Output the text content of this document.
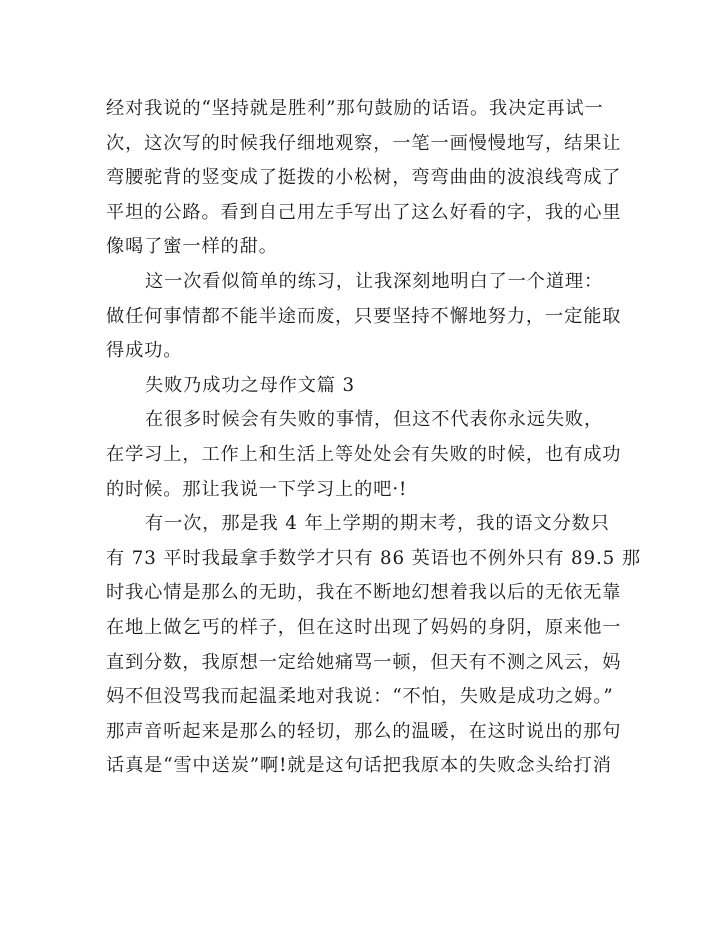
经对我说的“坚持就是胜利”那句鼓励的话语。我决定再试一
次，这次写的时候我仔细地观察，一笔一画慢慢地写，结果让
弯腰驼背的竖变成了挺拨的小松树，弯弯曲曲的波浪线弯成了
平坦的公路。看到自己用左手写出了这么好看的字，我的心里
像喝了蜜一样的甜。
这一次看似简单的练习，让我深刻地明白了一个道理：
做任何事情都不能半途而废，只要坚持不懈地努力，一定能取
得成功。
失败乃成功之母作文篇 3
在很多时候会有失败的事情，但这不代表你永远失败，
在学习上，工作上和生活上等处处会有失败的时候，也有成功
的时候。那让我说一下学习上的吧·!
有一次，那是我 4 年上学期的期末考，我的语文分数只
有 73 平时我最拿手数学才只有 86 英语也不例外只有 89.5 那
时我心情是那么的无助，我在不断地幻想着我以后的无依无靠
在地上做乞丐的样子，但在这时出现了妈妈的身阴，原来他一
直到分数，我原想一定给她痛骂一顿，但天有不测之风云，妈
妈不但没骂我而起温柔地对我说：“不怕，失败是成功之姆。”
那声音听起来是那么的轻切，那么的温暖，在这时说出的那句
话真是“雪中送炭”啊!就是这句话把我原本的失败念头给打消
